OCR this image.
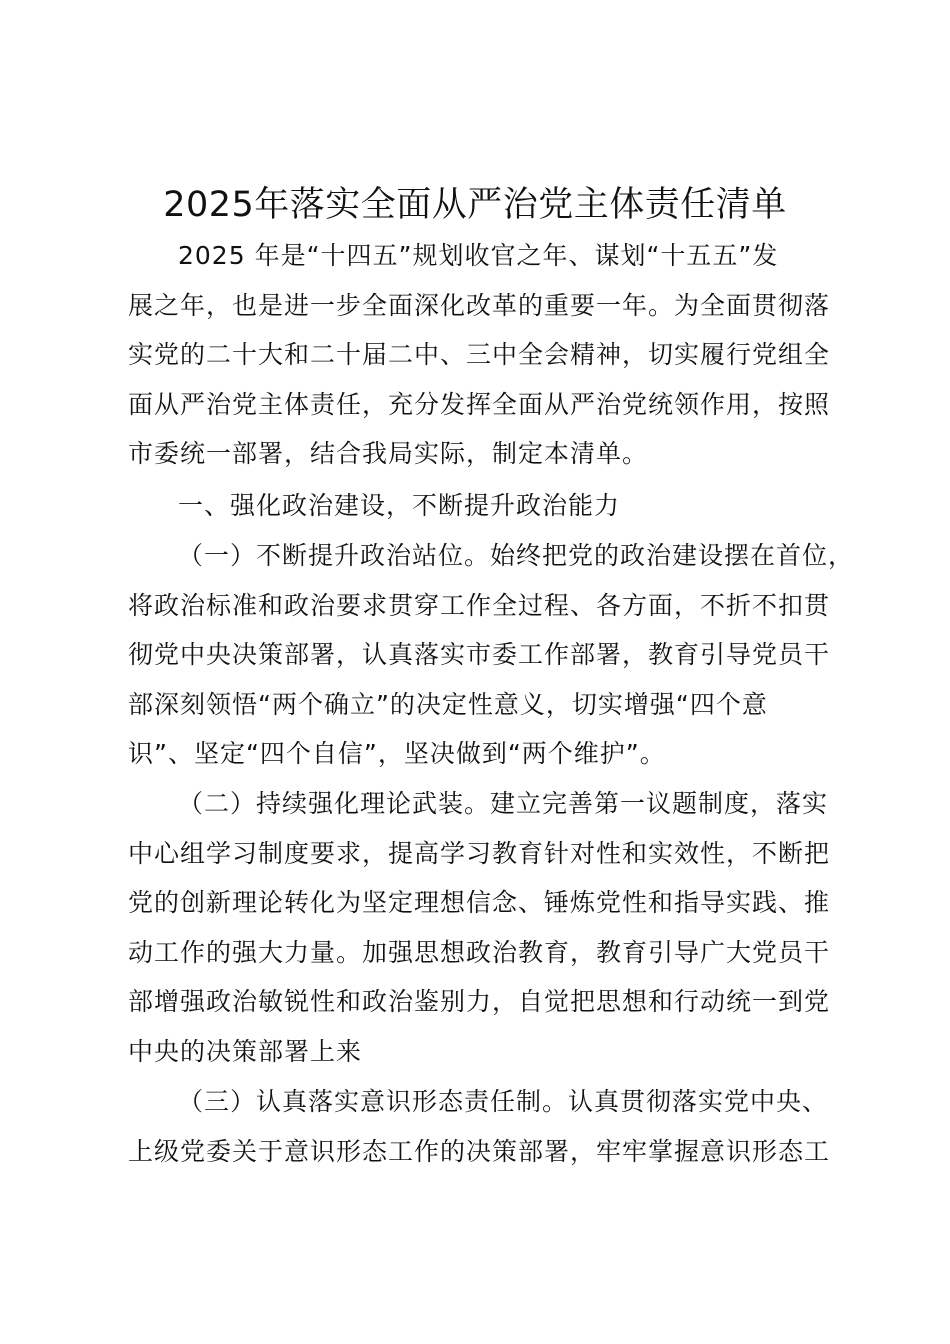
2025年落实全面从严治党主体责任清单
2025 年是“十四五”规划收官之年、谋划“十五五”发
展之年，也是进一步全面深化改革的重要一年。为全面贯彻落
实党的二十大和二十届二中、三中全会精神，切实履行党组全
面从严治党主体责任，充分发挥全面从严治党统领作用，按照
市委统一部署，结合我局实际，制定本清单。
一、强化政治建设，不断提升政治能力
（一）不断提升政治站位。始终把党的政治建设摆在首位，
将政治标准和政治要求贯穿工作全过程、各方面，不折不扣贯
彻党中央决策部署，认真落实市委工作部署，教育引导党员干
部深刻领悟“两个确立”的决定性意义，切实增强“四个意
识”、坚定“四个自信”，坚决做到“两个维护”。
（二）持续强化理论武装。建立完善第一议题制度，落实
中心组学习制度要求，提高学习教育针对性和实效性，不断把
党的创新理论转化为坚定理想信念、锤炼党性和指导实践、推
动工作的强大力量。加强思想政治教育，教育引导广大党员干
部增强政治敏锐性和政治鉴别力，自觉把思想和行动统一到党
中央的决策部署上来
（三）认真落实意识形态责任制。认真贯彻落实党中央、
上级党委关于意识形态工作的决策部署，牢牢掌握意识形态工
